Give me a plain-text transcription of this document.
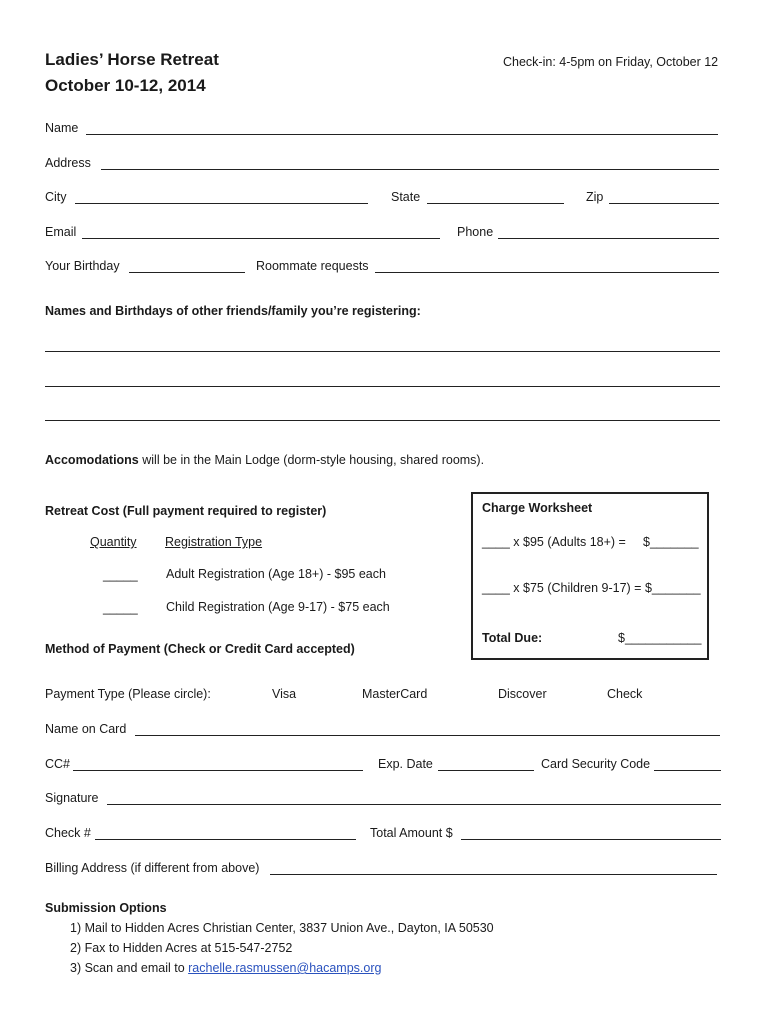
Ladies’ Horse Retreat
October 10-12, 2014
Check-in: 4-5pm on Friday, October 12
Name
Address
City	State	Zip
Email	Phone
Your Birthday	Roommate requests
Names and Birthdays of other friends/family you’re registering:
Accomodations will be in the Main Lodge (dorm-style housing, shared rooms).
Retreat Cost (Full payment required to register)
Quantity Registration Type
_____ Adult Registration (Age 18+) - $95 each
_____ Child Registration (Age 9-17) - $75 each
Charge Worksheet
____ x $95 (Adults 18+) = $_______
____ x $75 (Children 9-17) = $_______
Total Due:	$___________
Method of Payment (Check or Credit Card accepted)
Payment Type (Please circle):	Visa	MasterCard	Discover	Check
Name on Card
CC#	Exp. Date	Card Security Code
Signature
Check #	Total Amount $
Billing Address (if different from above)
Submission Options
1) Mail to Hidden Acres Christian Center, 3837 Union Ave., Dayton, IA 50530
2) Fax to Hidden Acres at 515-547-2752
3) Scan and email to rachelle.rasmussen@hacamps.org
